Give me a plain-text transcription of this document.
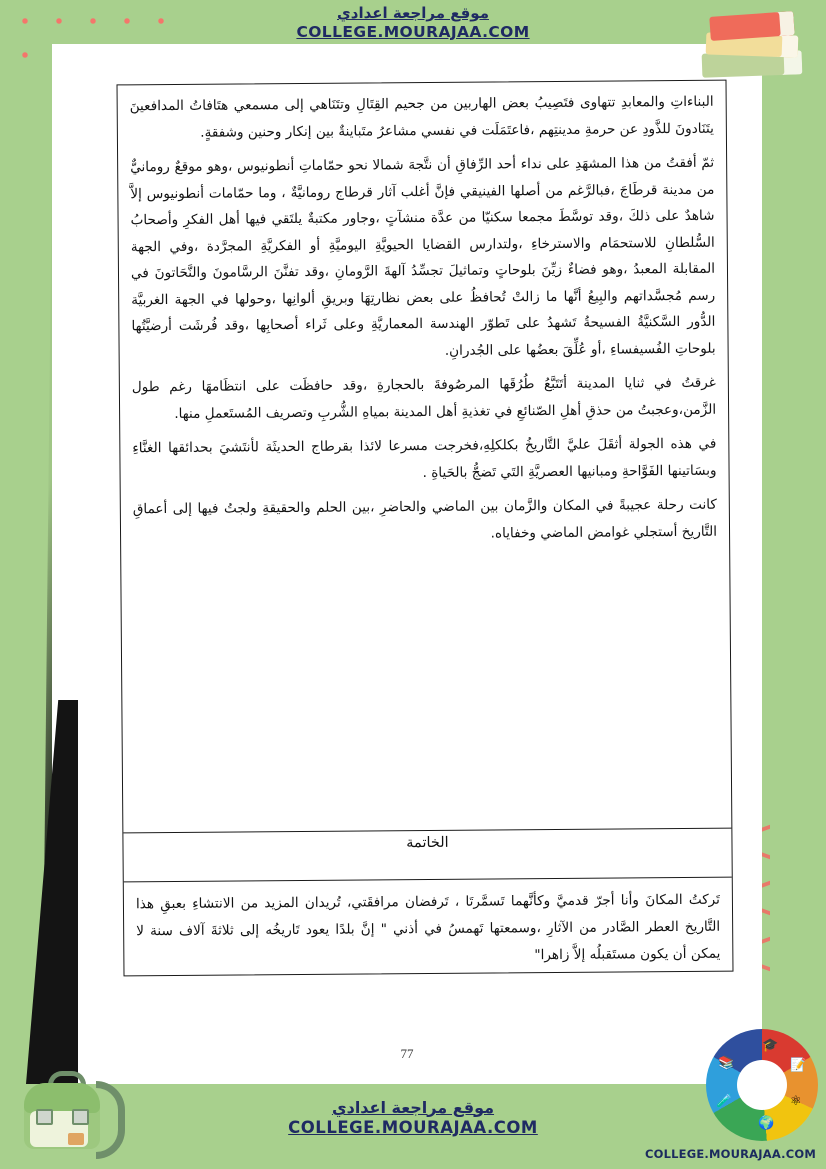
البناءاتِ والمعابدِ تتهاوى فتَصِيبُ بعض الهاربين من جحيم القِتَالِ وتتَنَاهي إلى مسمعي هتَافاتُ المدافعينَ يتَنَادونَ للذَّودِ عن حرمةِ مدينتِهم ،فاعتَمَلَت في نفسي مشاعرُ متَباينةٌ بين إنكار وحنين وشفقةٍ.

ثمّ أفقتُ من هذا المشهَدِ على نداء أحد الرِّفاقِ أن نتَّجهَ شمالا نحو حمّاماتِ أنطونيوس ،وهو موقعٌ رومانيٌّ من مدينة قرطَاجَ ،فبالرَّغم من أصلها الفينيقي فإنَّ أغلب آثار قرطاج رومانيَّةٌ ، وما حمّامات أنطونيوس إلاَّ شاهدٌ على ذلكَ ،وقد توسَّطَ مجمعا سكنيّا من عدَّة منشآتٍ ،وجاور مكتبةٌ يلتَقي فيها أهل الفكرِ وأصحابُ السُّلطانِ للاستحمَام والاسترخاءِ ،ولتدارس القضايا الحيويَّةِ اليوميَّةِ أو الفكريَّةِ المجرَّدة ،وفي الجهة المقابلة المعبدُ ،وهو فضاءٌ زيِّنَ بلوحاتٍ وتماثيلَ تجسِّدُ آلهةَ الرَّومانِ ،وقد تفنَّنَ الرسَّامونَ والنَّحَاتونَ في رسم مُجسَّداتهم والبِيعُ أنَّها ما زالتْ تُحافظُ على بعض نظارتِهَا وبريقِ ألوانِها ،وحولها في الجهة الغربيَّة الدُّور السَّكنيَّةُ الفسيحةُ تَشهدُ على تَطوّر الهندسة المعماريَّةِ وعلى ثَراء أصحابِها ،وقد فُرشَت أرضيَّتُها بلوحاتِ الفُسيفساءِ ،أو عُلِّقَ بعضُها على الجُدرانِ.

غرقتُ في ثنايا المدينة أتَتَبَّعُ طُرُقَها المرصُوفةَ بالحجارةِ ،وقد حافظَت على انتظَامهَا رغم طول الزَّمن،وعجبتُ من حذقِ أهلِ الصّنائعِ في تغذيةِ أهل المدينة بمياهِ الشُّربِ وتصريف المُستَعملِ منها.

في هذه الجولة أثقَلَ عليَّ التَّاريخُ بكلكلِهِ،فخرجت مسرعا لائذا بقرطاج الحديثَة لأنتَشيَ بحدائقها الغنَّاءِ وبسَاتينها الفَوَّاحةِ ومبانيها العصريَّةِ التَي تَضجُّ بالحَياةِ .

كانت رحلة عجيبةً في المكان والزَّمان بين الماضي والحاضرِ ،بين الحلم والحقيقةِ ولجتُ فيها إلى أعماقِ التَّاريخ أستجلي غوامض الماضي وخفاياه.

الخاتمة
تَركتُ المكانَ وأنا أجرّ قدميَّ وكأنَّهما تَسمَّرتَا ، تَرفضان مرافقَتي، تُريدان المزيد من الانتشاءِ بعبقِ هذا التَّاريخ العطر الصَّادر من الآثارِ ،وسمعتها تَهمسُ في أذني " إنَّ بلدًا يعود تَاريخُه إلى ثلاثةَ آلاف سنة لا يمكن أن يكون مستَقبلُه إلاَّ زاهرا"
77
موقع مراجعة اعدادي
COLLEGE.MOURAJAA.COM
موقع مراجعة اعدادي
COLLEGE.MOURAJAA.COM
COLLEGE.MOURAJAA.COM
🎓
📝
⚛
🌍
🧪
📚
